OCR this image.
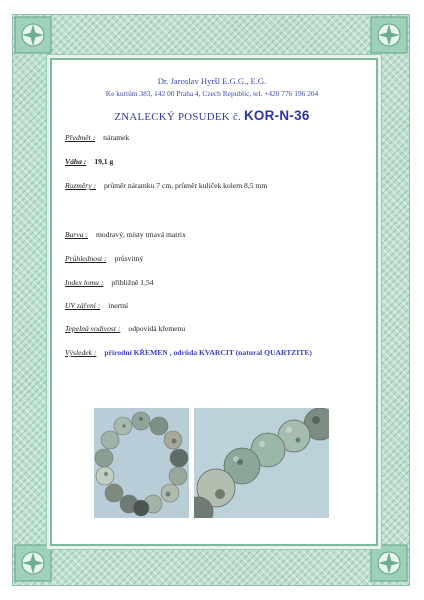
Dr. Jaroslav Hyršl E.G.G., E.G.
Ke kurtům 383, 142 00 Praha 4, Czech Republic, tel. +420 776 196 204
ZNALECKÝ POSUDEK č. KOR-N-36
Předmět : náramek
Váha : 19,1 g
Rozměry : průměr náramku 7 cm, průměr kuliček kolem 8,5 mm
Barva : modravý, místy tmavá matrix
Průhlednost : průsvitný
Index lomu : přibližně 1,54
UV záření : inertní
Tepelná vodivost : odpovídá křemenu
Výsledek : přírodní KŘEMEN , odrůda KVARCIT (natural QUARTZITE)
